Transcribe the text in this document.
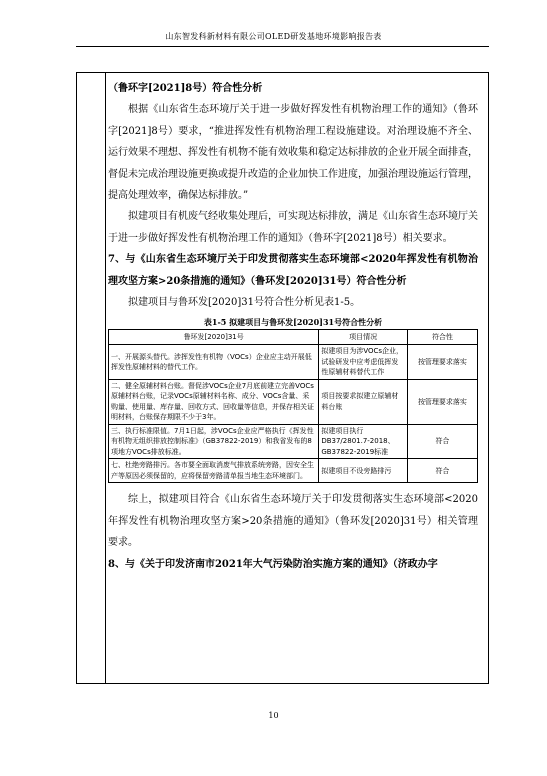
山东智发科新材料有限公司OLED研发基地环境影响报告表

（鲁环字[2021]8号）符合性分析

根据《山东省生态环境厅关于进一步做好挥发性有机物治理工作的通知》（鲁环字[2021]8号）要求，“推进挥发性有机物治理工程设施建设。对治理设施不齐全、运行效果不理想、挥发性有机物不能有效收集和稳定达标排放的企业开展全面排查，督促未完成治理设施更换或提升改造的企业加快工作进度，加强治理设施运行管理，提高处理效率，确保达标排放。”

拟建项目有机废气经收集处理后，可实现达标排放，满足《山东省生态环境厅关于进一步做好挥发性有机物治理工作的通知》（鲁环字[2021]8号）相关要求。

7、与《山东省生态环境厅关于印发贯彻落实生态环境部<2020年挥发性有机物治理攻坚方案>20条措施的通知》（鲁环发[2020]31号）符合性分析

拟建项目与鲁环发[2020]31号符合性分析见表1-5。

表1-5 拟建项目与鲁环发[2020]31号符合性分析
鲁环发[2020]31号	项目情况	符合性
一、开展源头替代。涉挥发性有机物（VOCs）企业应主动开展低挥发性原辅材料的替代工作。	拟建项目为涉VOCs企业，试验研发中应考虑低挥发性原辅材料替代工作	按管理要求落实
二、健全原辅材料台账。督促涉VOCs企业7月底前建立完善VOCs原辅材料台账，记录VOCs原辅材料名称、成分、VOCs含量、采购量、使用量、库存量、回收方式、回收量等信息，并保存相关证明材料，台账保存期限不少于3年。	项目按要求拟建立原辅材料台账	按管理要求落实
三、执行标准限值。7月1日起，涉VOCs企业应严格执行《挥发性有机物无组织排放控制标准》（GB37822-2019）和我省发布的8项地方VOCs排放标准。	拟建项目执行DB37/2801.7-2018、GB37822-2019标准	符合
七、杜绝旁路排污。各市要全面取消废气排放系统旁路，因安全生产等原因必须保留的，应将保留旁路清单报当地生态环境部门。	拟建项目不设旁路排污	符合

综上，拟建项目符合《山东省生态环境厅关于印发贯彻落实生态环境部<2020年挥发性有机物治理攻坚方案>20条措施的通知》（鲁环发[2020]31号）相关管理要求。

8、与《关于印发济南市2021年大气污染防治实施方案的通知》（济政办字

10
